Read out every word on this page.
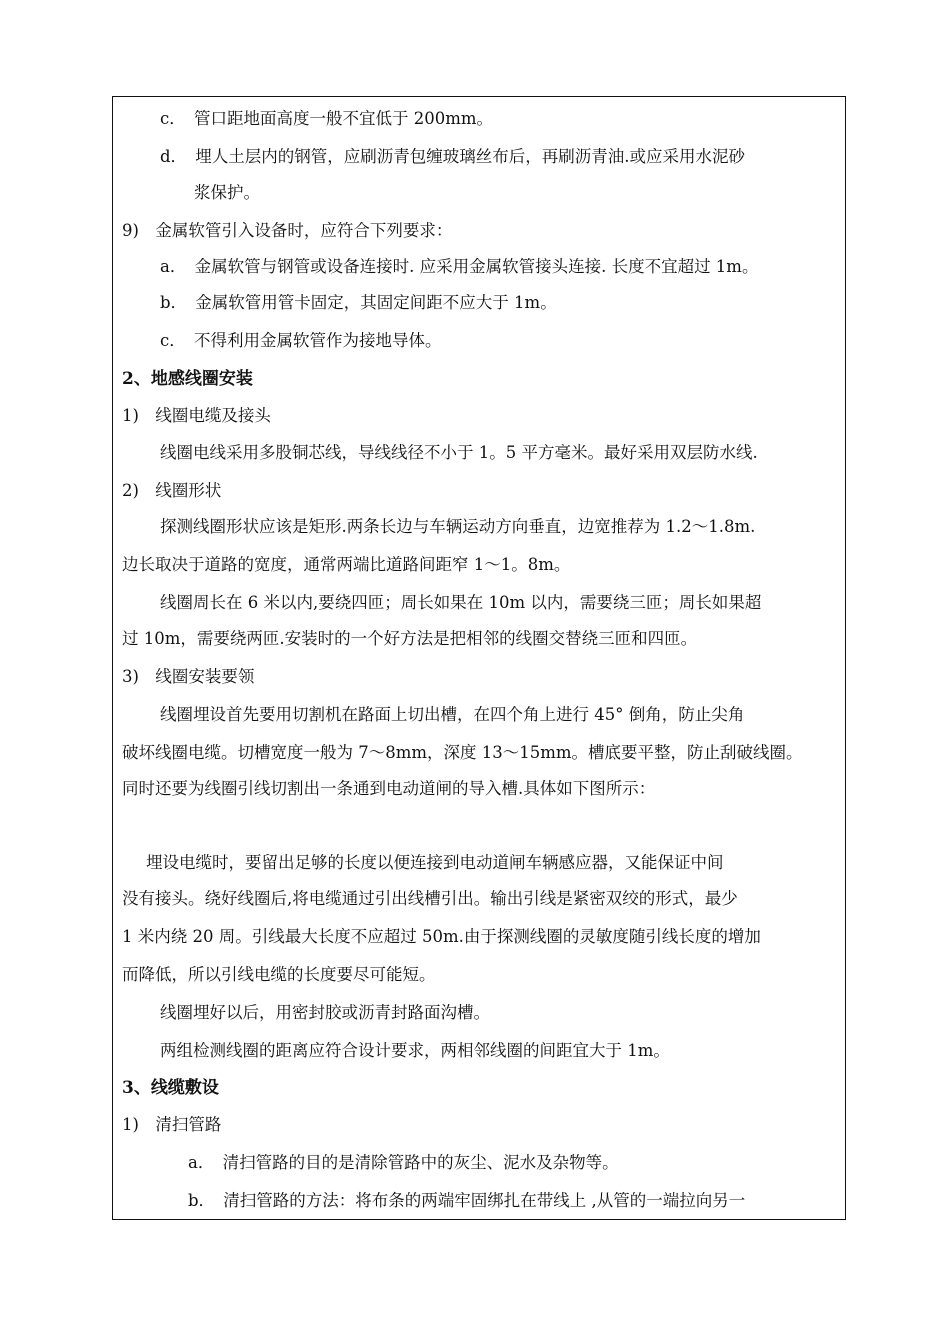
c．　管口距地面高度一般不宜低于 200mm。
d．　埋人土层内的钢管，应刷沥青包缠玻璃丝布后，再刷沥青油.或应采用水泥砂
浆保护。
9)　金属软管引入设备时，应符合下列要求：
a．　金属软管与钢管或设备连接时. 应采用金属软管接头连接. 长度不宜超过 1m。
b．　金属软管用管卡固定，其固定间距不应大于 1m。
c．　不得利用金属软管作为接地导体。
2、地感线圈安装
1)　线圈电缆及接头
线圈电线采用多股铜芯线，导线线径不小于 1。5 平方毫米。最好采用双层防水线.
2)　线圈形状
探测线圈形状应该是矩形.两条长边与车辆运动方向垂直，边宽推荐为 1.2～1.8m.
边长取决于道路的宽度，通常两端比道路间距窄 1～1。8m。
线圈周长在 6 米以内,要绕四匝；周长如果在 10m 以内，需要绕三匝；周长如果超
过 10m，需要绕两匝.安装时的一个好方法是把相邻的线圈交替绕三匝和四匝。
3)　线圈安装要领
线圈埋设首先要用切割机在路面上切出槽，在四个角上进行 45° 倒角，防止尖角
破坏线圈电缆。切槽宽度一般为 7～8mm，深度 13～15mm。槽底要平整，防止刮破线圈。
同时还要为线圈引线切割出一条通到电动道闸的导入槽.具体如下图所示：
埋设电缆时，要留出足够的长度以便连接到电动道闸车辆感应器，又能保证中间
没有接头。绕好线圈后,将电缆通过引出线槽引出。输出引线是紧密双绞的形式，最少
1 米内绕 20 周。引线最大长度不应超过 50m.由于探测线圈的灵敏度随引线长度的增加
而降低，所以引线电缆的长度要尽可能短。
线圈埋好以后，用密封胶或沥青封路面沟槽。
两组检测线圈的距离应符合设计要求，两相邻线圈的间距宜大于 1m。
3、线缆敷设
1)　清扫管路
a．　清扫管路的目的是清除管路中的灰尘、泥水及杂物等。
b．　清扫管路的方法：将布条的两端牢固绑扎在带线上 ,从管的一端拉向另一
